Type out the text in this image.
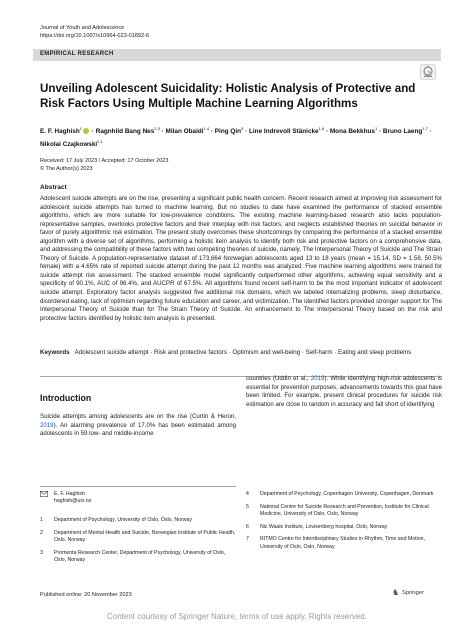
Journal of Youth and Adolescence
https://doi.org/10.1007/s10964-023-01892-6
EMPIRICAL RESEARCH
Unveiling Adolescent Suicidality: Holistic Analysis of Protective and Risk Factors Using Multiple Machine Learning Algorithms
E. F. Haghish$^1$ · Ragnhild Bang Nes$^{2,3}$ · Milan Obaidi$^{1,4}$ · Ping Qin$^5$ · Line Indrevoll Stänicke$^{1,6}$ · Mona Bekkhus$^1$ · Bruno Laeng$^{1,7}$ · Nikolai Czajkowski$^{2,1}$
Received: 17 July 2023 / Accepted: 17 October 2023
© The Author(s) 2023
Abstract
Adolescent suicide attempts are on the rise, presenting a significant public health concern. Recent research aimed at improving risk assessment for adolescent suicide attempts has turned to machine learning. But no studies to date have examined the performance of stacked ensemble algorithms, which are more suitable for low-prevalence conditions. The existing machine learning-based research also lacks population-representative samples, overlooks protective factors and their interplay with risk factors, and neglects established theories on suicidal behavior in favor of purely algorithmic risk estimation. The present study overcomes these shortcomings by comparing the performance of a stacked ensemble algorithm with a diverse set of algorithms, performing a holistic item analysis to identify both risk and protective factors on a comprehensive data, and addressing the compatibility of these factors with two competing theories of suicide, namely, The Interpersonal Theory of Suicide and The Strain Theory of Suicide. A population-representative dataset of 173,664 Norwegian adolescents aged 13 to 18 years (mean = 15.14, SD = 1.58, 50.5% female) with a 4.65% rate of reported suicide attempt during the past 12 months was analyzed. Five machine learning algorithms were trained for suicide attempt risk assessment. The stacked ensemble model significantly outperformed other algorithms, achieving equal sensitivity and a specificity of 90.1%, AUC of 96.4%, and AUCPR of 67.5%. All algorithms found recent self-harm to be the most important indicator of adolescent suicide attempt. Exploratory factor analysis suggested five additional risk domains, which we labeled internalizing problems, sleep disturbance, disordered eating, lack of optimism regarding future education and career, and victimization. The identified factors provided stronger support for The Interpersonal Theory of Suicide than for The Strain Theory of Suicide. An enhancement to The Interpersonal Theory based on the risk and protective factors identified by holistic item analysis is presented.
Keywords Adolescent suicide attempt · Risk and protective factors · Optimism and well-being · Self-harm · Eating and sleep problems
Introduction
Suicide attempts among adolescents are on the rise (Curtin & Heron, 2019). An alarming prevalence of 17.0% has been estimated among adolescents in 59 low- and middle-income
countries (Uddin et al., 2019). While identifying high-risk adolescents is essential for prevention purposes, advancements towards this goal have been limited. For example, present clinical procedures for suicide risk estimation are close to random in accuracy and fall short of identifying
E. F. Haghish
haghish@uio.no
1 Department of Psychology, University of Oslo, Oslo, Norway
2 Department of Mental Health and Suicide, Norwegian Institute of Public Health, Oslo, Norway
3 Promenta Research Center, Department of Psychology, University of Oslo, Oslo, Norway
4 Department of Psychology, Copenhagen University, Copenhagen, Denmark
5 National Centre for Suicide Research and Prevention, Institute for Clinical Medicine, University of Oslo, Oslo, Norway
6 Nic Waals Institute, Lovisenberg hospital, Oslo, Norway
7 RITMO Centre for Interdisciplinary Studies in Rhythm, Time and Motion, University of Oslo, Oslo, Norway
Published online: 20 November 2023	♞ Springer
Content courtesy of Springer Nature, terms of use apply. Rights reserved.
